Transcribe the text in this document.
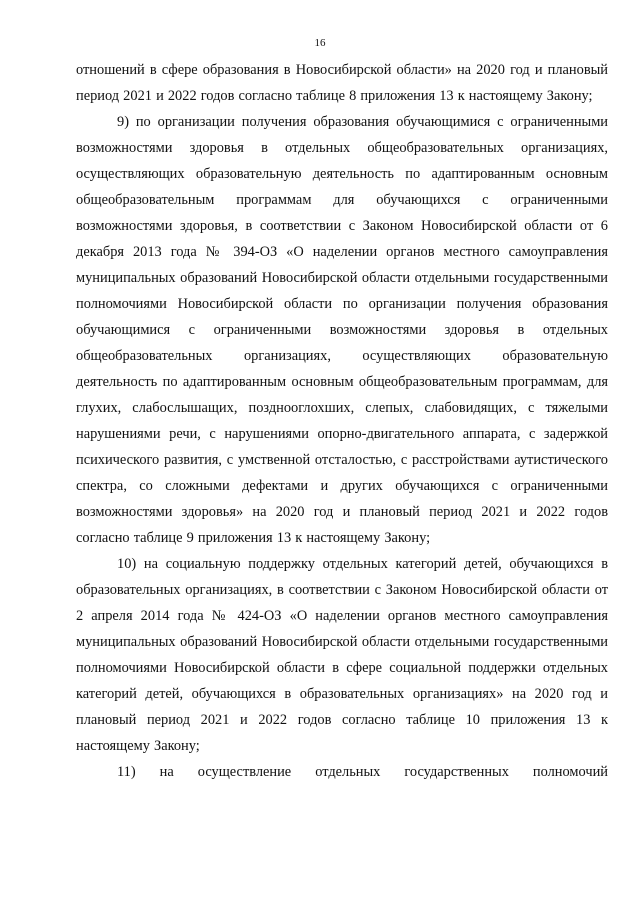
16

отношений в сфере образования в Новосибирской области» на 2020 год и плановый период 2021 и 2022 годов согласно таблице 8 приложения 13 к настоящему Закону;

9) по организации получения образования обучающимися с ограниченными возможностями здоровья в отдельных общеобразовательных организациях, осуществляющих образовательную деятельность по адаптированным основным общеобразовательным программам для обучающихся с ограниченными возможностями здоровья, в соответствии с Законом Новосибирской области от 6 декабря 2013 года № 394-ОЗ «О наделении органов местного самоуправления муниципальных образований Новосибирской области отдельными государственными полномочиями Новосибирской области по организации получения образования обучающимися с ограниченными возможностями здоровья в отдельных общеобразовательных организациях, осуществляющих образовательную деятельность по адаптированным основным общеобразовательным программам, для глухих, слабослышащих, позднооглохших, слепых, слабовидящих, с тяжелыми нарушениями речи, с нарушениями опорно-двигательного аппарата, с задержкой психического развития, с умственной отсталостью, с расстройствами аутистического спектра, со сложными дефектами и других обучающихся с ограниченными возможностями здоровья» на 2020 год и плановый период 2021 и 2022 годов согласно таблице 9 приложения 13 к настоящему Закону;

10) на социальную поддержку отдельных категорий детей, обучающихся в образовательных организациях, в соответствии с Законом Новосибирской области от 2 апреля 2014 года № 424-ОЗ «О наделении органов местного самоуправления муниципальных образований Новосибирской области отдельными государственными полномочиями Новосибирской области в сфере социальной поддержки отдельных категорий детей, обучающихся в образовательных организациях» на 2020 год и плановый период 2021 и 2022 годов согласно таблице 10 приложения 13 к настоящему Закону;

11) на осуществление отдельных государственных полномочий
